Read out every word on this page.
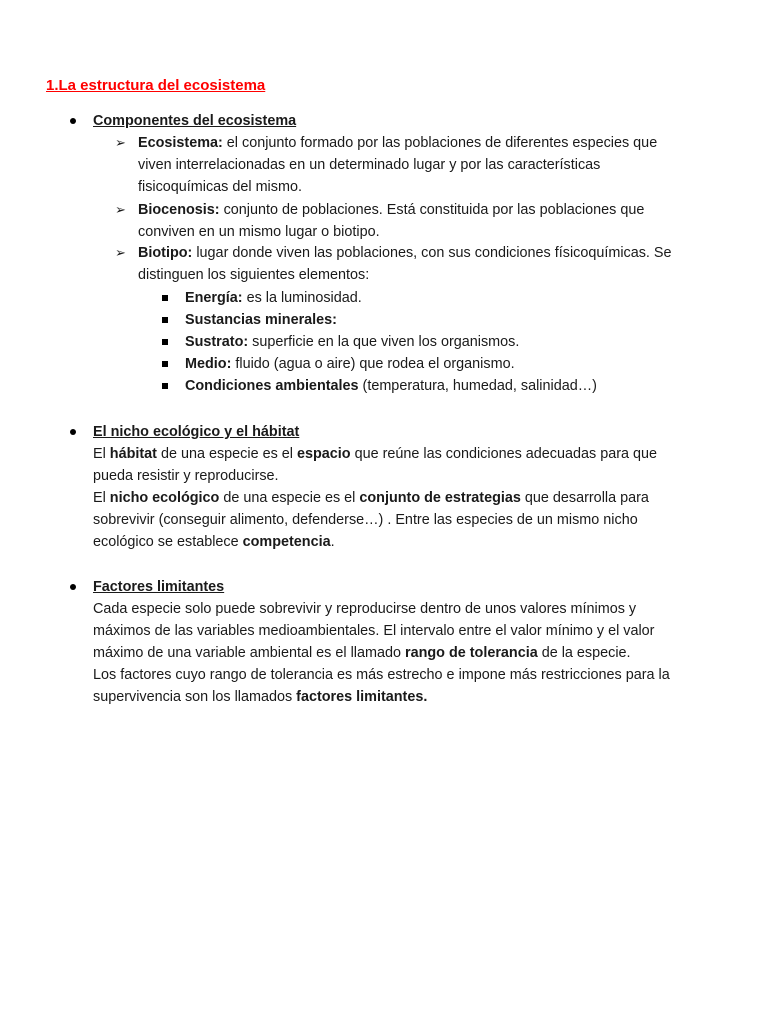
1.La estructura del ecosistema
Componentes del ecosistema
➢ Ecosistema: el conjunto formado por las poblaciones de diferentes especies que
viven interrelacionadas en un determinado lugar y por las características
fisicoquímicas del mismo.
➢ Biocenosis: conjunto de poblaciones. Está constituida por las poblaciones que
conviven en un mismo lugar o biotipo.
➢ Biotipo: lugar donde viven las poblaciones, con sus condiciones físicoquímicas. Se
distinguen los siguientes elementos:
Energía: es la luminosidad.
Sustancias minerales:
Sustrato: superficie en la que viven los organismos.
Medio: fluido (agua o aire) que rodea el organismo.
Condiciones ambientales (temperatura, humedad, salinidad…)
El nicho ecológico y el hábitat
El hábitat de una especie es el espacio que reúne las condiciones adecuadas para que
pueda resistir y reproducirse.
El nicho ecológico de una especie es el conjunto de estrategias que desarrolla para
sobrevivir (conseguir alimento, defenderse…) . Entre las especies de un mismo nicho
ecológico se establece competencia.
Factores limitantes
Cada especie solo puede sobrevivir y reproducirse dentro de unos valores mínimos y
máximos de las variables medioambientales. El intervalo entre el valor mínimo y el valor
máximo de una variable ambiental es el llamado rango de tolerancia de la especie.
Los factores cuyo rango de tolerancia es más estrecho e impone más restricciones para la
supervivencia son los llamados factores limitantes.
